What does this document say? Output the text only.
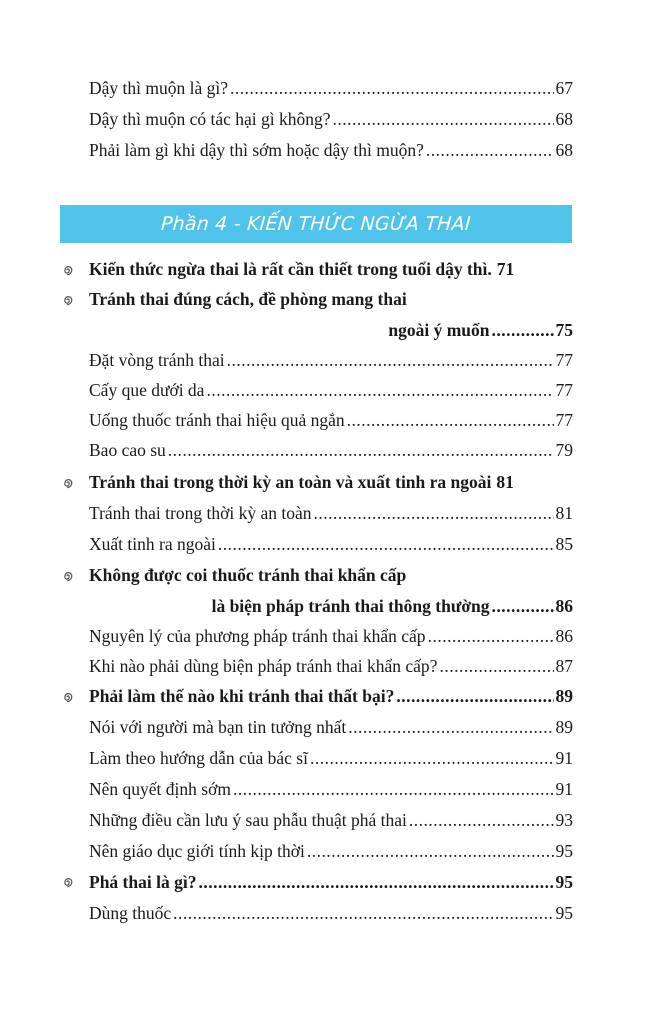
Dậy thì muộn là gì? .....	67
Dậy thì muộn có tác hại gì không? .....	68
Phải làm gì khi dậy thì sớm hoặc dậy thì muộn? .....	68
Phần 4 - KIẾN THỨC NGỪA THAI
Kiến thức ngừa thai là rất cần thiết trong tuổi dậy thì. 71
Tránh thai đúng cách, đề phòng mang thai
ngoài ý muốn .....	75
Đặt vòng tránh thai .....	77
Cấy que dưới da .....	77
Uống thuốc tránh thai hiệu quả ngắn .....	77
Bao cao su .....	79
Tránh thai trong thời kỳ an toàn và xuất tinh ra ngoài 81
Tránh thai trong thời kỳ an toàn .....	81
Xuất tinh ra ngoài .....	85
Không được coi thuốc tránh thai khẩn cấp
là biện pháp tránh thai thông thường .....	86
Nguyên lý của phương pháp tránh thai khẩn cấp .....	86
Khi nào phải dùng biện pháp tránh thai khẩn cấp? .....	87
Phải làm thế nào khi tránh thai thất bại? .....	89
Nói với người mà bạn tin tưởng nhất .....	89
Làm theo hướng dẫn của bác sĩ .....	91
Nên quyết định sớm .....	91
Những điều cần lưu ý sau phẫu thuật phá thai .....	93
Nên giáo dục giới tính kịp thời .....	95
Phá thai là gì? .....	95
Dùng thuốc .....	95
